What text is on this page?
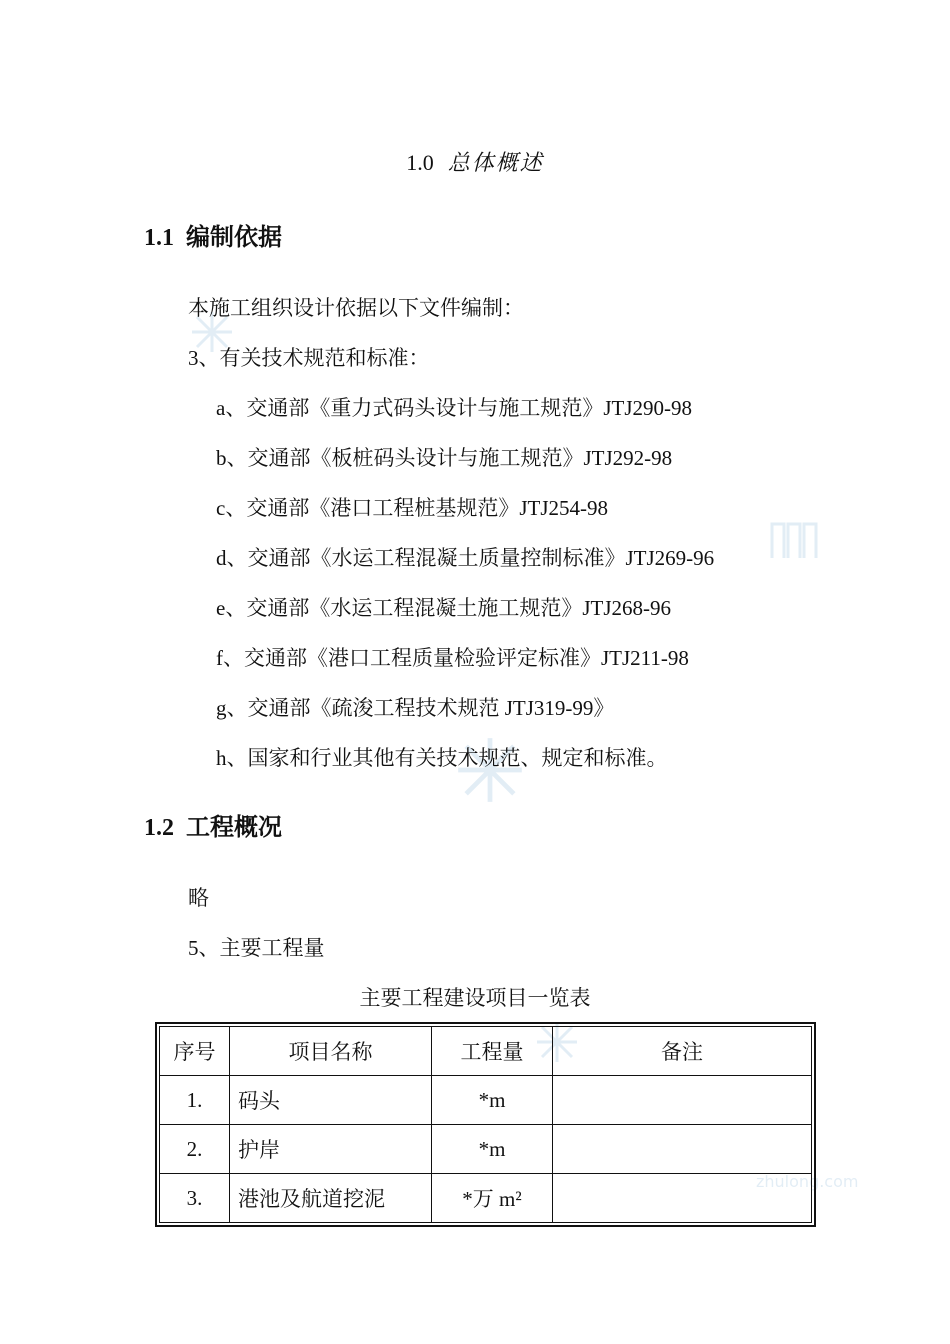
zhulong.com
1.0 总体概述
1.1 编制依据
本施工组织设计依据以下文件编制：
3、有关技术规范和标准：
a、交通部《重力式码头设计与施工规范》JTJ290-98
b、交通部《板桩码头设计与施工规范》JTJ292-98
c、交通部《港口工程桩基规范》JTJ254-98
d、交通部《水运工程混凝土质量控制标准》JTJ269-96
e、交通部《水运工程混凝土施工规范》JTJ268-96
f、交通部《港口工程质量检验评定标准》JTJ211-98
g、交通部《疏浚工程技术规范 JTJ319-99》
h、国家和行业其他有关技术规范、规定和标准。
1.2 工程概况
略
5、主要工程量
主要工程建设项目一览表
序号	项目名称	工程量	备注
1.	码头	*m	
2.	护岸	*m	
3.	港池及航道挖泥	*万 m²	
